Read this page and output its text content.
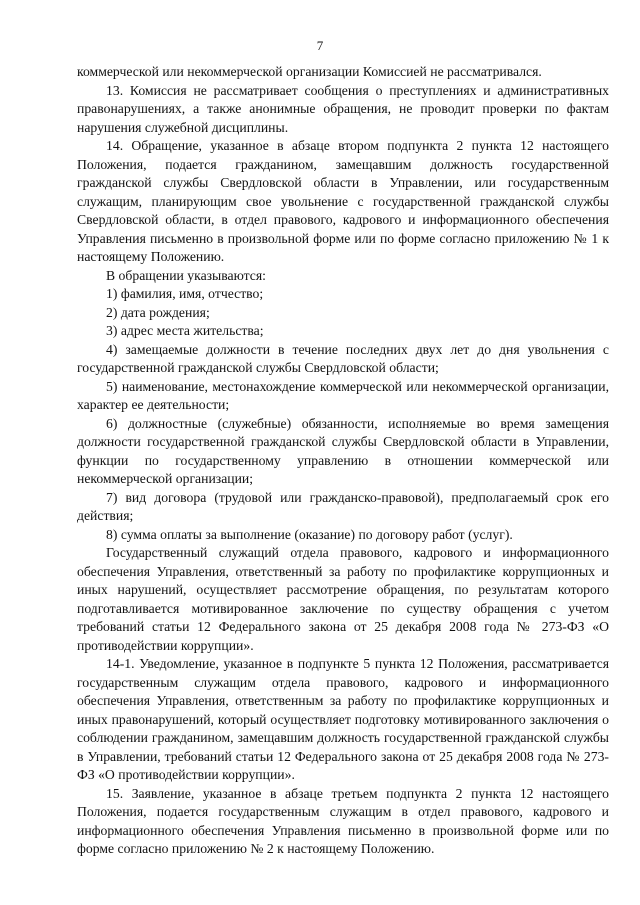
7

коммерческой или некоммерческой организации Комиссией не рассматривался.

13. Комиссия не рассматривает сообщения о преступлениях и административных правонарушениях, а также анонимные обращения, не проводит проверки по фактам нарушения служебной дисциплины.

14. Обращение, указанное в абзаце втором подпункта 2 пункта 12 настоящего Положения, подается гражданином, замещавшим должность государственной гражданской службы Свердловской области в Управлении, или государственным служащим, планирующим свое увольнение с государственной гражданской службы Свердловской области, в отдел правового, кадрового и информационного обеспечения Управления письменно в произвольной форме или по форме согласно приложению № 1 к настоящему Положению.

В обращении указываются:

1) фамилия, имя, отчество;

2) дата рождения;

3) адрес места жительства;

4) замещаемые должности в течение последних двух лет до дня увольнения с государственной гражданской службы Свердловской области;

5) наименование, местонахождение коммерческой или некоммерческой организации, характер ее деятельности;

6) должностные (служебные) обязанности, исполняемые во время замещения должности государственной гражданской службы Свердловской области в Управлении, функции по государственному управлению в отношении коммерческой или некоммерческой организации;

7) вид договора (трудовой или гражданско-правовой), предполагаемый срок его действия;

8) сумма оплаты за выполнение (оказание) по договору работ (услуг).

Государственный служащий отдела правового, кадрового и информационного обеспечения Управления, ответственный за работу по профилактике коррупционных и иных нарушений, осуществляет рассмотрение обращения, по результатам которого подготавливается мотивированное заключение по существу обращения с учетом требований статьи 12 Федерального закона от 25 декабря 2008 года № 273-ФЗ «О противодействии коррупции».

14-1. Уведомление, указанное в подпункте 5 пункта 12 Положения, рассматривается государственным служащим отдела правового, кадрового и информационного обеспечения Управления, ответственным за работу по профилактике коррупционных и иных правонарушений, который осуществляет подготовку мотивированного заключения о соблюдении гражданином, замещавшим должность государственной гражданской службы в Управлении, требований статьи 12 Федерального закона от 25 декабря 2008 года № 273-ФЗ «О противодействии коррупции».

15. Заявление, указанное в абзаце третьем подпункта 2 пункта 12 настоящего Положения, подается государственным служащим в отдел правового, кадрового и информационного обеспечения Управления письменно в произвольной форме или по форме согласно приложению № 2 к настоящему Положению.
